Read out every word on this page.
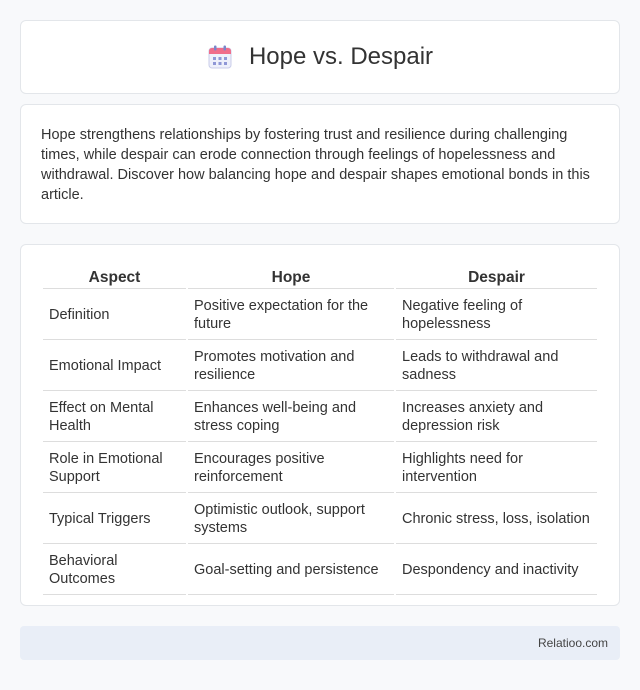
Hope vs. Despair

Hope strengthens relationships by fostering trust and resilience during challenging times, while despair can erode connection through feelings of hopelessness and withdrawal. Discover how balancing hope and despair shapes emotional bonds in this article.

Aspect	Hope	Despair
Definition	Positive expectation for the future	Negative feeling of hopelessness
Emotional Impact	Promotes motivation and resilience	Leads to withdrawal and sadness
Effect on Mental Health	Enhances well-being and stress coping	Increases anxiety and depression risk
Role in Emotional Support	Encourages positive reinforcement	Highlights need for intervention
Typical Triggers	Optimistic outlook, support systems	Chronic stress, loss, isolation
Behavioral Outcomes	Goal-setting and persistence	Despondency and inactivity
Relatioo.com
